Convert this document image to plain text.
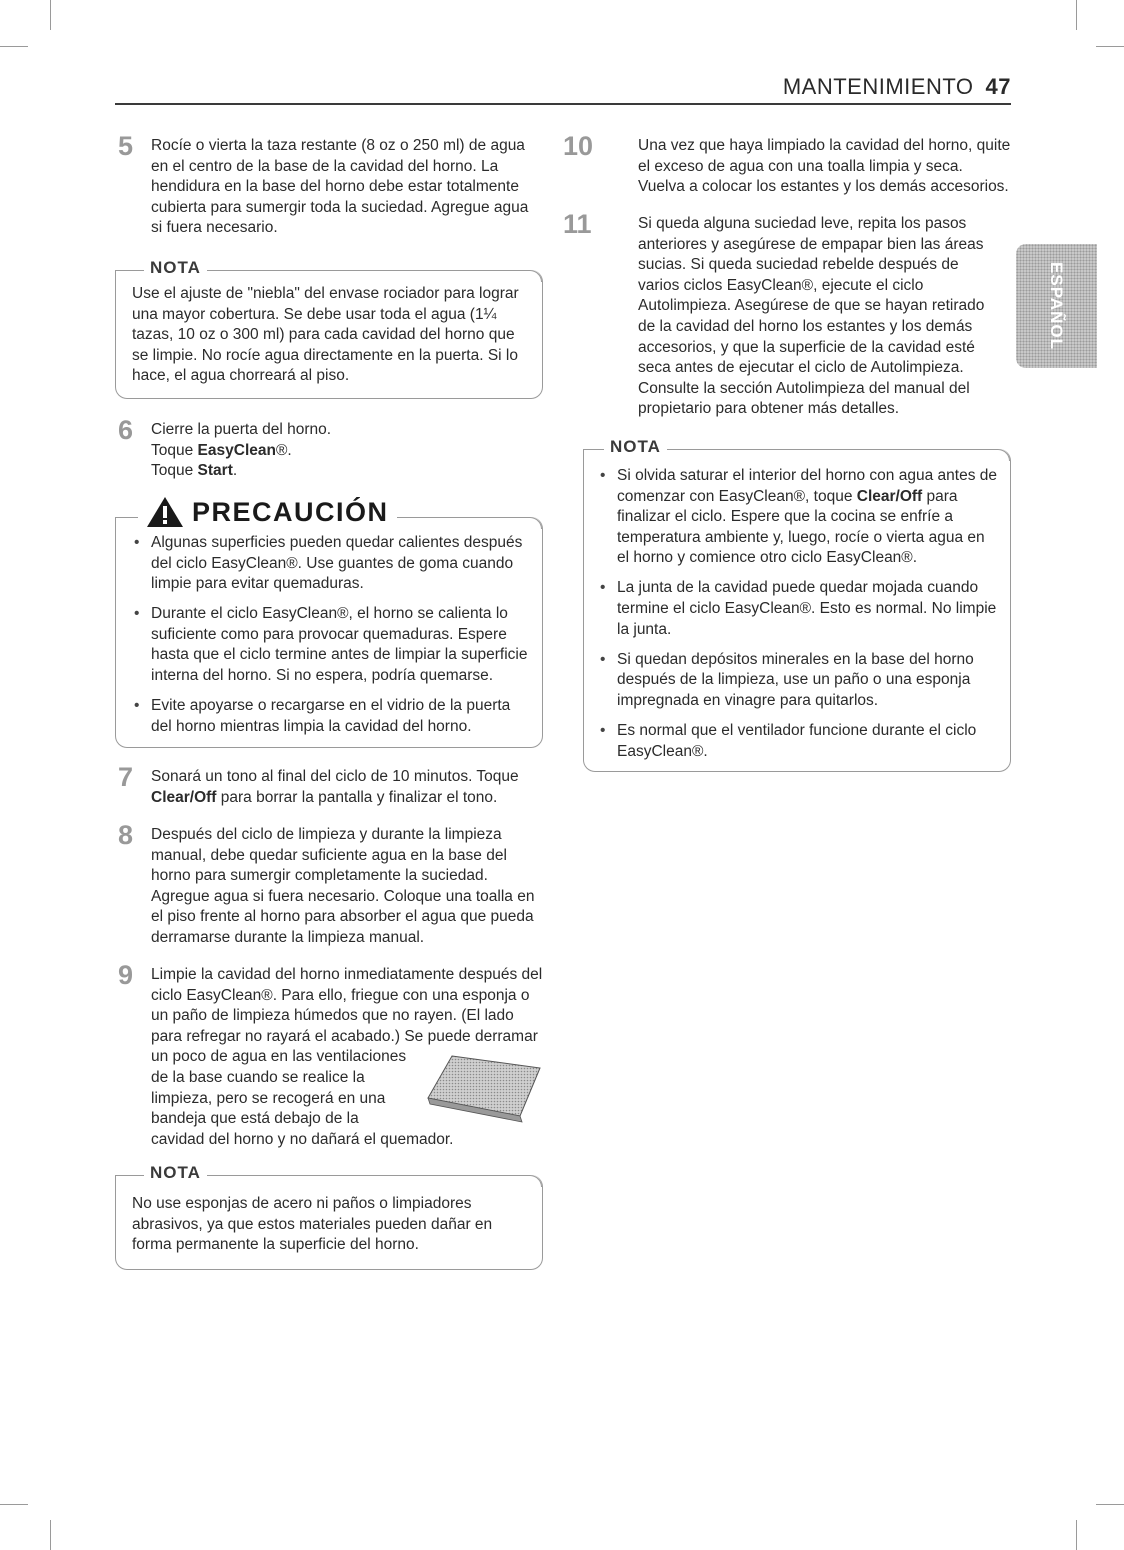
MANTENIMIENTO 47
ESPAÑOL
5 Rocíe o vierta la taza restante (8 oz o 250 ml) de agua en el centro de la base de la cavidad del horno. La hendidura en la base del horno debe estar totalmente cubierta para sumergir toda la suciedad. Agregue agua si fuera necesario.
NOTA
Use el ajuste de "niebla" del envase rociador para lograr una mayor cobertura. Se debe usar toda el agua (1¼ tazas, 10 oz o 300 ml) para cada cavidad del horno que se limpie. No rocíe agua directamente en la puerta. Si lo hace, el agua chorreará al piso.
6 Cierre la puerta del horno.
Toque EasyClean®.
Toque Start.
PRECAUCIÓN
• Algunas superficies pueden quedar calientes después del ciclo EasyClean®. Use guantes de goma cuando limpie para evitar quemaduras.
• Durante el ciclo EasyClean®, el horno se calienta lo suficiente como para provocar quemaduras. Espere hasta que el ciclo termine antes de limpiar la superficie interna del horno. Si no espera, podría quemarse.
• Evite apoyarse o recargarse en el vidrio de la puerta del horno mientras limpia la cavidad del horno.
7 Sonará un tono al final del ciclo de 10 minutos. Toque Clear/Off para borrar la pantalla y finalizar el tono.
8 Después del ciclo de limpieza y durante la limpieza manual, debe quedar suficiente agua en la base del horno para sumergir completamente la suciedad. Agregue agua si fuera necesario. Coloque una toalla en el piso frente al horno para absorber el agua que pueda derramarse durante la limpieza manual.
9 Limpie la cavidad del horno inmediatamente después del ciclo EasyClean®. Para ello, friegue con una esponja o un paño de limpieza húmedos que no rayen. (El lado para refregar no rayará el acabado.) Se puede derramar
un poco de agua en las ventilaciones
de la base cuando se realice la
limpieza, pero se recogerá en una
bandeja que está debajo de la
cavidad del horno y no dañará el quemador.
NOTA
No use esponjas de acero ni paños o limpiadores abrasivos, ya que estos materiales pueden dañar en forma permanente la superficie del horno.
10	Una vez que haya limpiado la cavidad del horno, quite el exceso de agua con una toalla limpia y seca. Vuelva a colocar los estantes y los demás accesorios.
11	Si queda alguna suciedad leve, repita los pasos anteriores y asegúrese de empapar bien las áreas sucias. Si queda suciedad rebelde después de varios ciclos EasyClean®, ejecute el ciclo Autolimpieza. Asegúrese de que se hayan retirado de la cavidad del horno los estantes y los demás accesorios, y que la superficie de la cavidad esté seca antes de ejecutar el ciclo de Autolimpieza. Consulte la sección Autolimpieza del manual del propietario para obtener más detalles.
NOTA
• Si olvida saturar el interior del horno con agua antes de comenzar con EasyClean®, toque Clear/Off para finalizar el ciclo. Espere que la cocina se enfríe a temperatura ambiente y, luego, rocíe o vierta agua en el horno y comience otro ciclo EasyClean®.
• La junta de la cavidad puede quedar mojada cuando termine el ciclo EasyClean®. Esto es normal. No limpie la junta.
• Si quedan depósitos minerales en la base del horno después de la limpieza, use un paño o una esponja impregnada en vinagre para quitarlos.
• Es normal que el ventilador funcione durante el ciclo EasyClean®.
